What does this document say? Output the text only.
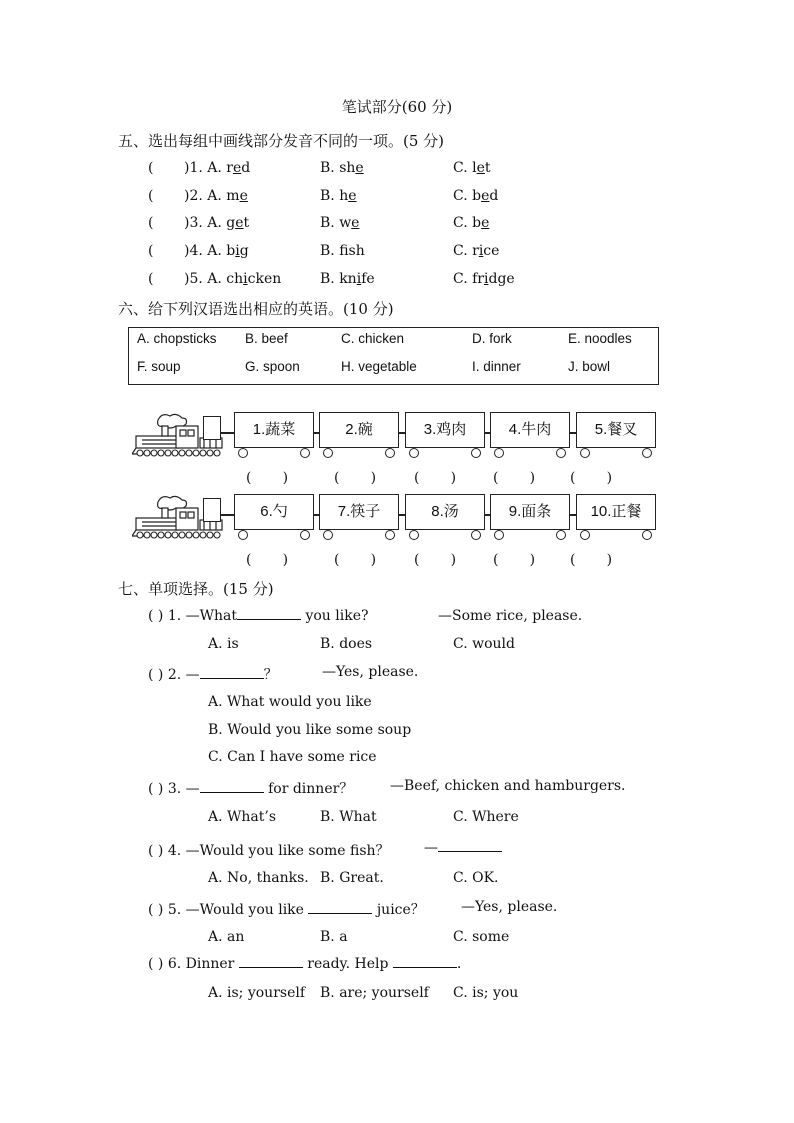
笔试部分(60 分)
五、选出每组中画线部分发音不同的一项。(5 分)
( )1. A. red	B. she	C. let
( )2. A. me	B. he	C. bed
( )3. A. get	B. we	C. be
( )4. A. big	B. fsh	C. rice
( )5. A. chicken	B. knife	C. fridge
六、给下列汉语选出相应的英语。(10 分)
A. chopsticks B. beef	C. chicken	D. fork	E. noodles
F. soup	G. spoon	H. vegetable	I. dinner	J. bowl
1.蔬菜
(       )
2.碗
(       )
3.鸡肉
(       )
4.牛肉
(       )
5.餐叉
(       )
6.勺
(       )
7.筷子
(       )
8.汤
(       )
9.面条
(       )
10.正餐
(       )
七、单项选择。(15 分)
( ) 1. —What	you like?	—Some rice, please.
A. is	B. does	C. would
( ) 2. —	？	—Yes, please.
A. What would you like
B. Would you like some soup
C. Can I have some rice
( ) 3. —	for dinner？	—Beef, chicken and hamburgers.
A. What’s	B. What	C. Where
( ) 4. —Would you like some fish？ —
A. No, thanks. B. Great.	C. OK.
( ) 5. —Would you like	juice？	—Yes, please.
A. an	B. a	C. some
( ) 6. Dinner	ready. Help	.
A. is; yourself B. are; yourself C. is; you
